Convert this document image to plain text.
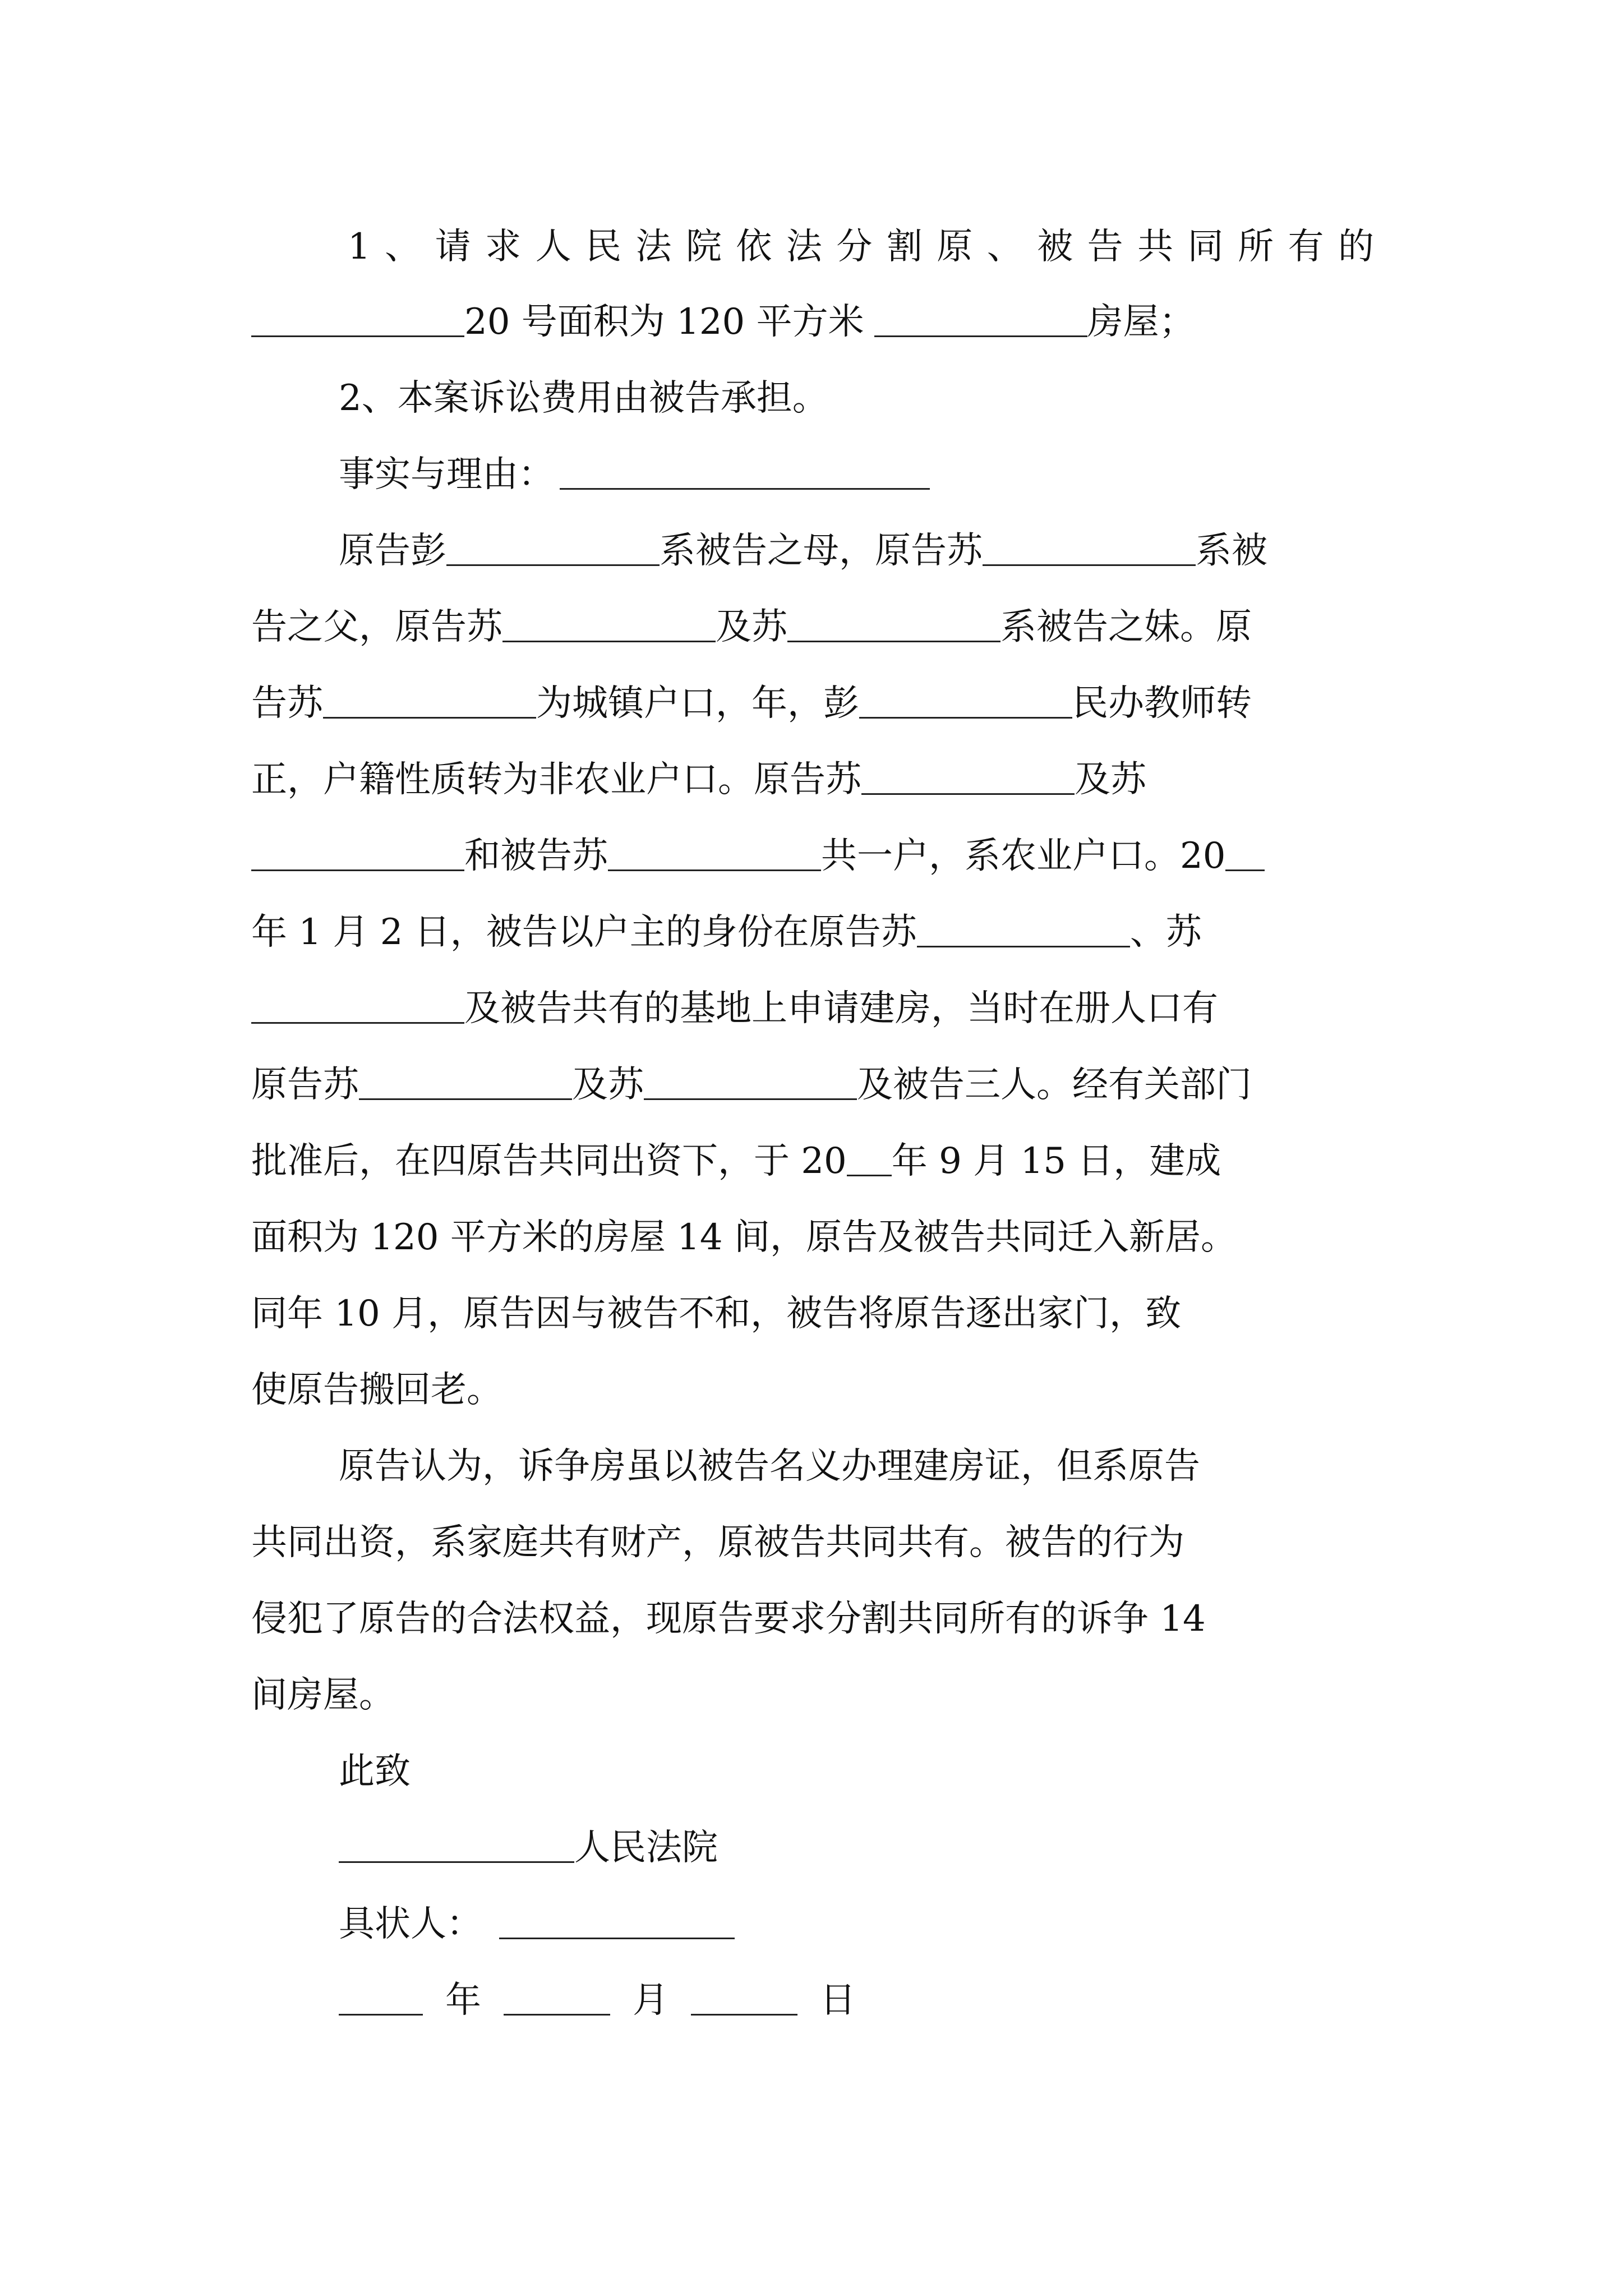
1、请求人民法院依法分割原、被告共同所有的
20 号面积为 120 平方米	房屋；
2、本案诉讼费用由被告承担。
事实与理由：
原告彭	系被告之母，原告苏	系被
告之父，原告苏	及苏	系被告之妹。原
告苏	为城镇户口，年，彭	民办教师转
正，户籍性质转为非农业户口。原告苏	及苏
和被告苏	共一户，系农业户口。20
年 1 月 2 日，被告以户主的身份在原告苏	、苏
及被告共有的基地上申请建房，当时在册人口有
原告苏	及苏	及被告三人。经有关部门
批准后，在四原告共同出资下，于 20 年 9 月 15 日，建成
面积为 120 平方米的房屋 14 间，原告及被告共同迁入新居。
同年 10 月，原告因与被告不和，被告将原告逐出家门，致
使原告搬回老。
原告认为，诉争房虽以被告名义办理建房证，但系原告
共同出资，系家庭共有财产，原被告共同共有。被告的行为
侵犯了原告的合法权益，现原告要求分割共同所有的诉争 14
间房屋。
此致
人民法院
具状人：
年	月	日
